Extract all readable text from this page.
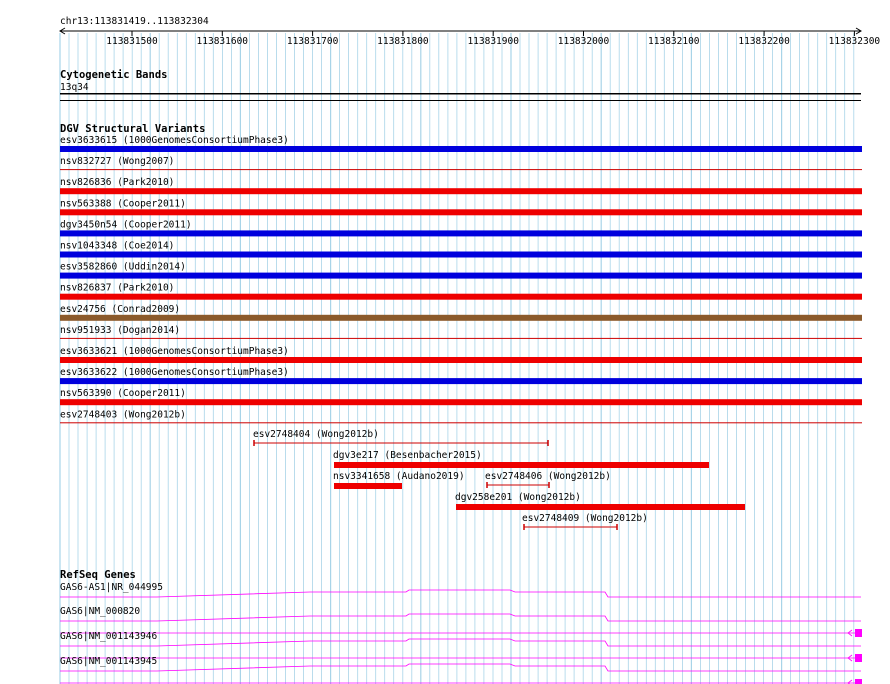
chr13:113831419..113832304
113831500	113831600	113831700	113831800	113831900	113832000	113832100	113832200	113832300
Cytogenetic Bands
13q34
DGV Structural Variants
esv3633615 (1000GenomesConsortiumPhase3)
nsv832727 (Wong2007)
nsv826836 (Park2010)
nsv563388 (Cooper2011)
dgv3450n54 (Cooper2011)
nsv1043348 (Coe2014)
esv3582860 (Uddin2014)
nsv826837 (Park2010)
esv24756 (Conrad2009)
nsv951933 (Dogan2014)
esv3633621 (1000GenomesConsortiumPhase3)
esv3633622 (1000GenomesConsortiumPhase3)
nsv563390 (Cooper2011)
esv2748403 (Wong2012b)
esv2748404 (Wong2012b)
dgv3e217 (Besenbacher2015)
nsv3341658 (Audano2019) esv2748406 (Wong2012b)
dgv258e201 (Wong2012b)
esv2748409 (Wong2012b)
RefSeq Genes
GAS6-AS1|NR_044995
GAS6|NM_000820
GAS6|NM_001143946
GAS6|NM_001143945
